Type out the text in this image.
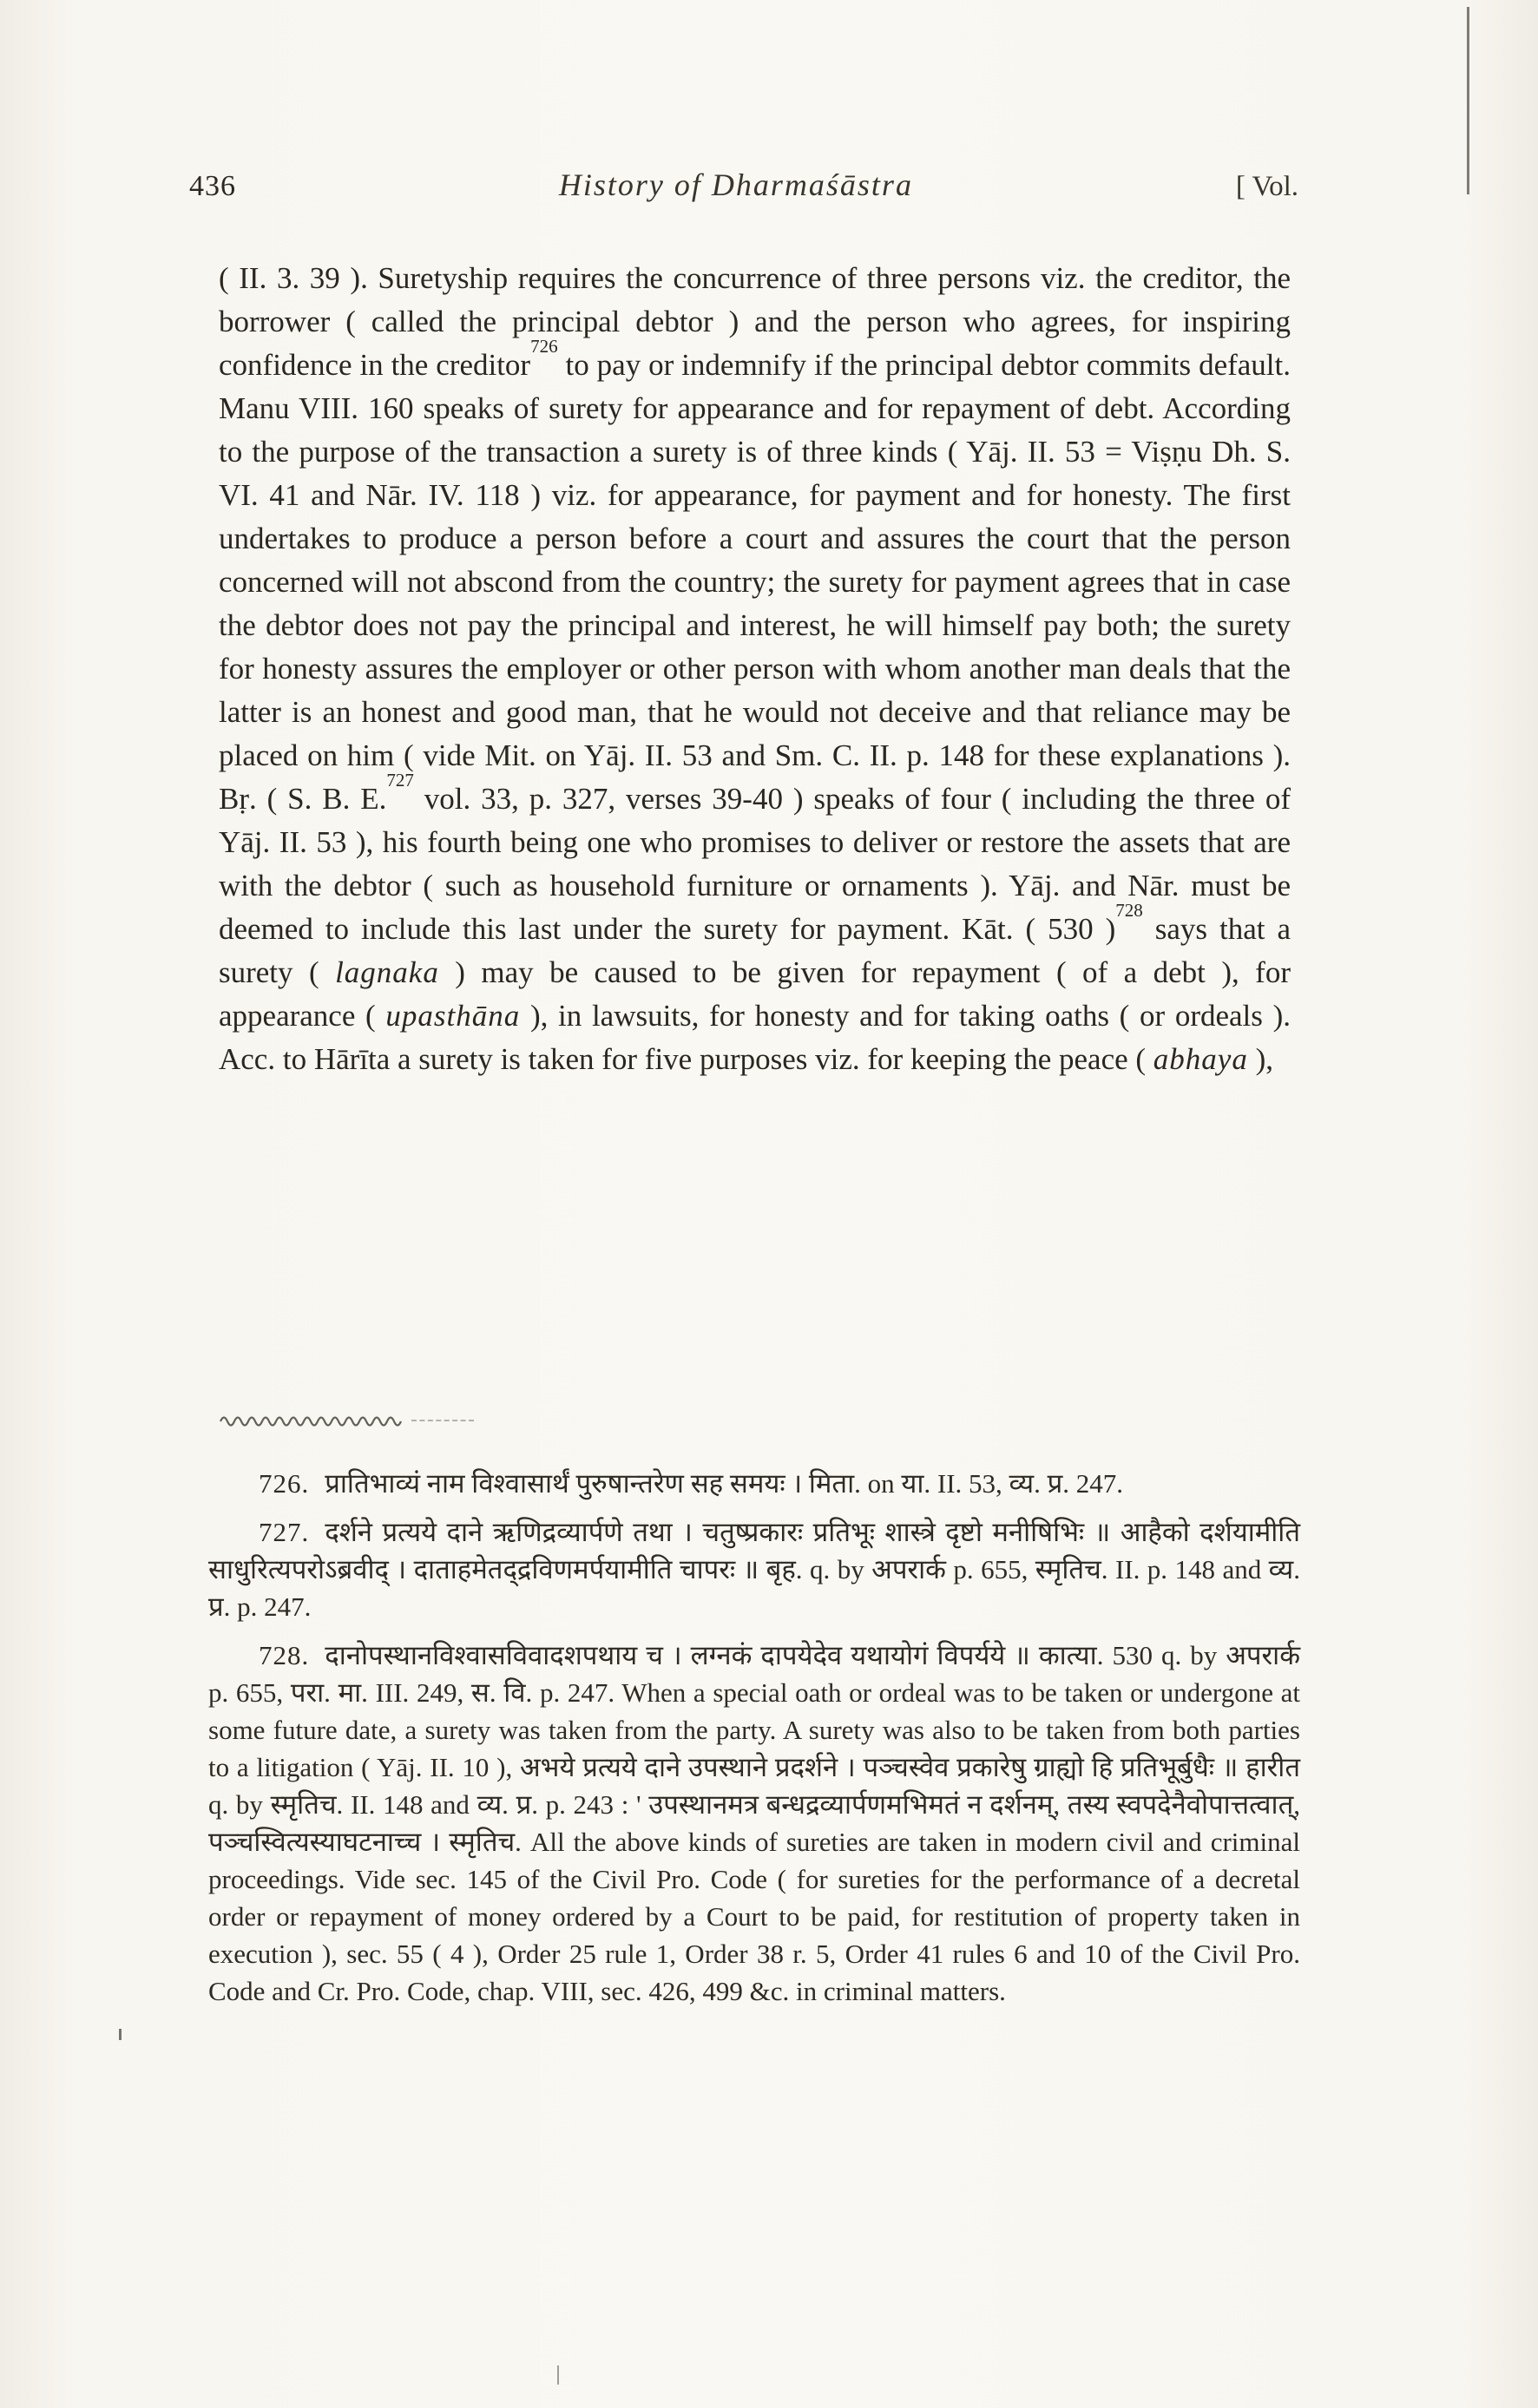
436	History of Dharmaśāstra	[ Vol.

( II. 3. 39 ). Suretyship requires the concurrence of three persons viz. the creditor, the borrower ( called the principal debtor ) and the person who agrees, for inspiring confidence in the creditor$^{726}$ to pay or indemnify if the principal debtor commits default. Manu VIII. 160 speaks of surety for appearance and for repayment of debt. According to the purpose of the transaction a surety is of three kinds ( Yāj. II. 53 = Viṣṇu Dh. S. VI. 41 and Nār. IV. 118 ) viz. for appearance, for payment and for honesty. The first undertakes to produce a person before a court and assures the court that the person concerned will not abscond from the country; the surety for payment agrees that in case the debtor does not pay the principal and interest, he will himself pay both; the surety for honesty assures the employer or other person with whom another man deals that the latter is an honest and good man, that he would not deceive and that reliance may be placed on him ( vide Mit. on Yāj. II. 53 and Sm. C. II. p. 148 for these explanations ). Bṛ. ( S. B. E.$^{727}$ vol. 33, p. 327, verses 39-40 ) speaks of four ( including the three of Yāj. II. 53 ), his fourth being one who promises to deliver or restore the assets that are with the debtor ( such as household furniture or ornaments ). Yāj. and Nār. must be deemed to include this last under the surety for payment. Kāt. ( 530 )$^{728}$ says that a surety ( lagnaka ) may be caused to be given for repayment ( of a debt ), for appearance ( upasthāna ), in lawsuits, for honesty and for taking oaths ( or ordeals ). Acc. to Hārīta a surety is taken for five purposes viz. for keeping the peace ( abhaya ),

726. प्रातिभाव्यं नाम विश्वासार्थं पुरुषान्तरेण सह समयः । मिता. on या. II. 53, व्य. प्र. 247.

727. दर्शने प्रत्यये दाने ऋणिद्रव्यार्पणे तथा । चतुष्प्रकारः प्रतिभूः शास्त्रे दृष्टो मनीषिभिः ॥ आहैको दर्शयामीति साधुरित्यपरोऽब्रवीद् । दाताहमेतद्द्रविणमर्पयामीति चापरः ॥ बृह. q. by अपरार्क p. 655, स्मृतिच. II. p. 148 and व्य. प्र. p. 247.

728. दानोपस्थानविश्वासविवादशपथाय च । लग्नकं दापयेदेव यथायोगं विपर्यये ॥ कात्या. 530 q. by अपरार्क p. 655, परा. मा. III. 249, स. वि. p. 247. When a special oath or ordeal was to be taken or undergone at some future date, a surety was taken from the party. A surety was also to be taken from both parties to a litigation ( Yāj. II. 10 ), अभये प्रत्यये दाने उपस्थाने प्रदर्शने । पञ्चस्वेव प्रकारेषु ग्राह्यो हि प्रतिभूर्बुधैः ॥ हारीत q. by स्मृतिच. II. 148 and व्य. प्र. p. 243 : ' उपस्थानमत्र बन्धद्रव्यार्पणमभिमतं न दर्शनम्, तस्य स्वपदेनैवोपात्तत्वात्, पञ्चस्वित्यस्याघटनाच्च । स्मृतिच. All the above kinds of sureties are taken in modern civil and criminal proceedings. Vide sec. 145 of the Civil Pro. Code ( for sureties for the performance of a decretal order or repayment of money ordered by a Court to be paid, for restitution of property taken in execution ), sec. 55 ( 4 ), Order 25 rule 1, Order 38 r. 5, Order 41 rules 6 and 10 of the Civil Pro. Code and Cr. Pro. Code, chap. VIII, sec. 426, 499 &c. in criminal matters.
